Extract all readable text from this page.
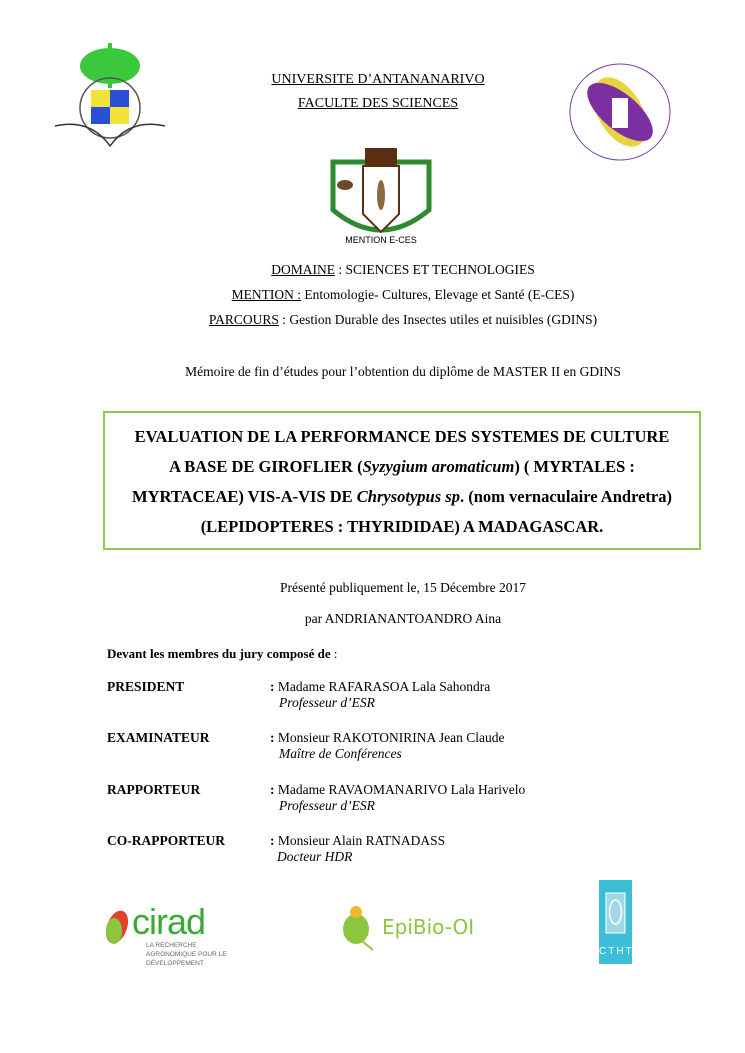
UNIVERSITE D’ANTANANARIVO
FACULTE DES SCIENCES
MENTION E-CES
DOMAINE : SCIENCES ET TECHNOLOGIES
MENTION : Entomologie- Cultures, Elevage et Santé (E-CES)
PARCOURS : Gestion Durable des Insectes utiles et nuisibles (GDINS)
Mémoire de fin d’études pour l’obtention du diplôme de MASTER II en GDINS
EVALUATION DE LA PERFORMANCE DES SYSTEMES DE CULTURE
A BASE DE GIROFLIER (Syzygium aromaticum) ( MYRTALES :
MYRTACEAE) VIS-A-VIS DE Chrysotypus sp. (nom vernaculaire Andretra)
(LEPIDOPTERES : THYRIDIDAE) A MADAGASCAR.
Présenté publiquement le, 15 Décembre 2017
par ANDRIANANTOANDRO Aina
Devant les membres du jury composé de :
PRESIDENT	: Madame RAFARASOA Lala Sahondra
Professeur d’ESR
EXAMINATEUR	: Monsieur RAKOTONIRINA Jean Claude
Maître de Conférences
RAPPORTEUR	: Madame RAVAOMANARIVO Lala Harivelo
Professeur d’ESR
CO-RAPPORTEUR	: Monsieur Alain RATNADASS
Docteur HDR
cirad
LA RECHERCHE AGRONOMIQUE POUR LE DÉVELOPPEMENT
EpiBio-OI
CTHT
